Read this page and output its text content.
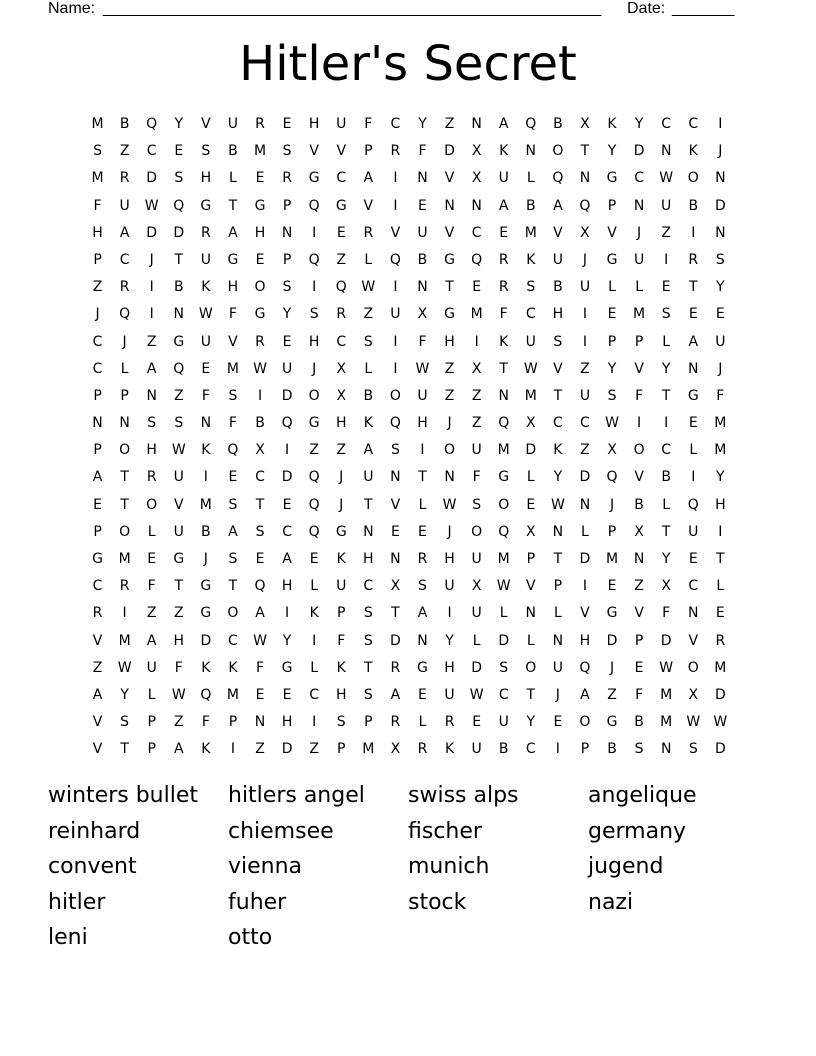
Name: ________________________________________________________ Date: _______
Hitler's Secret
M	B	Q	Y	V	U	R	E	H	U	F	C	Y	Z	N	A	Q	B	X	K	Y	C	C	I
S	Z	C	E	S	B	M	S	V	V	P	R	F	D	X	K	N	O	T	Y	D	N	K	J
M	R	D	S	H	L	E	R	G	C	A	I	N	V	X	U	L	Q	N	G	C	W	O	N
F	U	W	Q	G	T	G	P	Q	G	V	I	E	N	N	A	B	A	Q	P	N	U	B	D
H	A	D	D	R	A	H	N	I	E	R	V	U	V	C	E	M	V	X	V	J	Z	I	N
P	C	J	T	U	G	E	P	Q	Z	L	Q	B	G	Q	R	K	U	J	G	U	I	R	S
Z	R	I	B	K	H	O	S	I	Q	W	I	N	T	E	R	S	B	U	L	L	E	T	Y
J	Q	I	N	W	F	G	Y	S	R	Z	U	X	G	M	F	C	H	I	E	M	S	E	E
C	J	Z	G	U	V	R	E	H	C	S	I	F	H	I	K	U	S	I	P	P	L	A	U
C	L	A	Q	E	M	W	U	J	X	L	I	W	Z	X	T	W	V	Z	Y	V	Y	N	J
P	P	N	Z	F	S	I	D	O	X	B	O	U	Z	Z	N	M	T	U	S	F	T	G	F
N	N	S	S	N	F	B	Q	G	H	K	Q	H	J	Z	Q	X	C	C	W	I	I	E	M
P	O	H	W	K	Q	X	I	Z	Z	A	S	I	O	U	M	D	K	Z	X	O	C	L	M
A	T	R	U	I	E	C	D	Q	J	U	N	T	N	F	G	L	Y	D	Q	V	B	I	Y
E	T	O	V	M	S	T	E	Q	J	T	V	L	W	S	O	E	W	N	J	B	L	Q	H
P	O	L	U	B	A	S	C	Q	G	N	E	E	J	O	Q	X	N	L	P	X	T	U	I
G	M	E	G	J	S	E	A	E	K	H	N	R	H	U	M	P	T	D	M	N	Y	E	T
C	R	F	T	G	T	Q	H	L	U	C	X	S	U	X	W	V	P	I	E	Z	X	C	L
R	I	Z	Z	G	O	A	I	K	P	S	T	A	I	U	L	N	L	V	G	V	F	N	E
V	M	A	H	D	C	W	Y	I	F	S	D	N	Y	L	D	L	N	H	D	P	D	V	R
Z	W	U	F	K	K	F	G	L	K	T	R	G	H	D	S	O	U	Q	J	E	W	O	M
A	Y	L	W	Q	M	E	E	C	H	S	A	E	U	W	C	T	J	A	Z	F	M	X	D
V	S	P	Z	F	P	N	H	I	S	P	R	L	R	E	U	Y	E	O	G	B	M	W W
V	T	P	A	K	I	Z	D	Z	P	M	X	R	K	U	B	C	I	P	B	S	N	S	D
winters bullet	hitlers angel	swiss alps	angelique
reinhard	chiemsee	fischer	germany
convent	vienna	munich	jugend
hitler	fuher	stock	nazi
leni	otto
